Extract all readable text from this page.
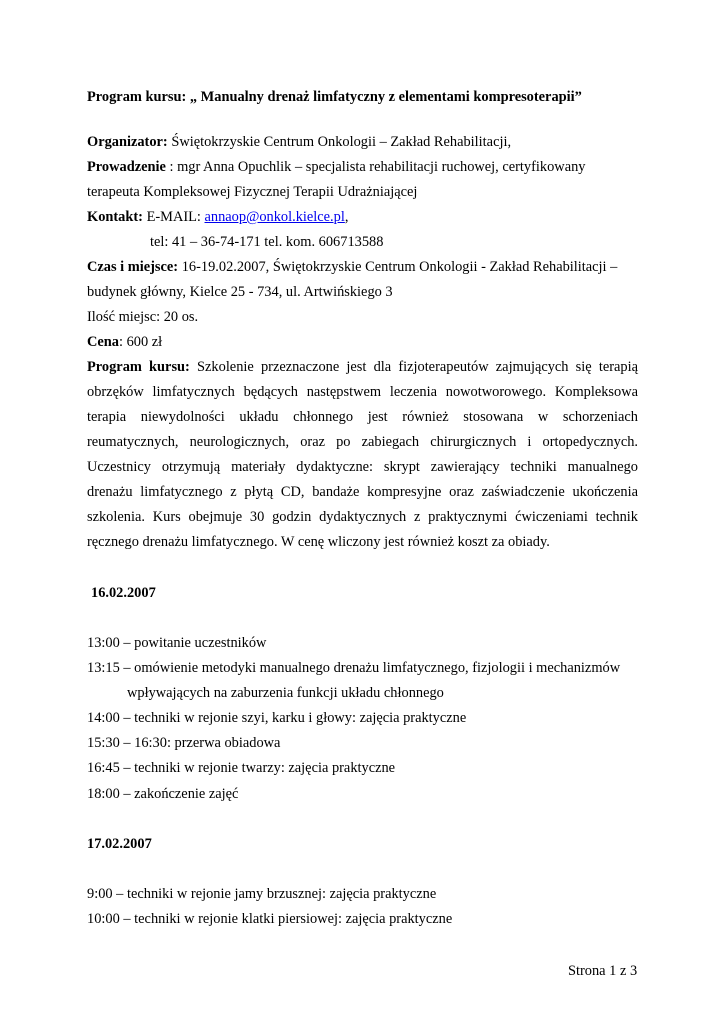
Program kursu: „ Manualny drenaż limfatyczny z elementami kompresoterapii”
Organizator: Świętokrzyskie Centrum Onkologii – Zakład Rehabilitacji,
Prowadzenie : mgr Anna Opuchlik – specjalista rehabilitacji ruchowej, certyfikowany
terapeuta Kompleksowej Fizycznej Terapii Udrażniającej
Kontakt: E-MAIL: annaop@onkol.kielce.pl,
tel: 41 – 36-74-171 tel. kom. 606713588
Czas i miejsce: 16-19.02.2007, Świętokrzyskie Centrum Onkologii - Zakład Rehabilitacji –
budynek główny, Kielce 25 - 734, ul. Artwińskiego 3
Ilość miejsc: 20 os.
Cena: 600 zł
Program kursu: Szkolenie przeznaczone jest dla fizjoterapeutów zajmujących się terapią
obrzęków limfatycznych będących następstwem leczenia nowotworowego. Kompleksowa
terapia niewydolności układu chłonnego jest również stosowana w schorzeniach
reumatycznych, neurologicznych, oraz po zabiegach chirurgicznych i ortopedycznych.
Uczestnicy otrzymują materiały dydaktyczne: skrypt zawierający techniki manualnego
drenażu limfatycznego z płytą CD, bandaże kompresyjne oraz zaświadczenie ukończenia
szkolenia. Kurs obejmuje 30 godzin dydaktycznych z praktycznymi ćwiczeniami technik
ręcznego drenażu limfatycznego. W cenę wliczony jest również koszt za obiady.
16.02.2007
13:00 – powitanie uczestników
13:15 – omówienie metodyki manualnego drenażu limfatycznego, fizjologii i mechanizmów
wpływających na zaburzenia funkcji układu chłonnego
14:00 – techniki w rejonie szyi, karku i głowy: zajęcia praktyczne
15:30 – 16:30: przerwa obiadowa
16:45 – techniki w rejonie twarzy: zajęcia praktyczne
18:00 – zakończenie zajęć
17.02.2007
9:00 – techniki w rejonie jamy brzusznej: zajęcia praktyczne
10:00 – techniki w rejonie klatki piersiowej: zajęcia praktyczne
Strona 1 z 3
